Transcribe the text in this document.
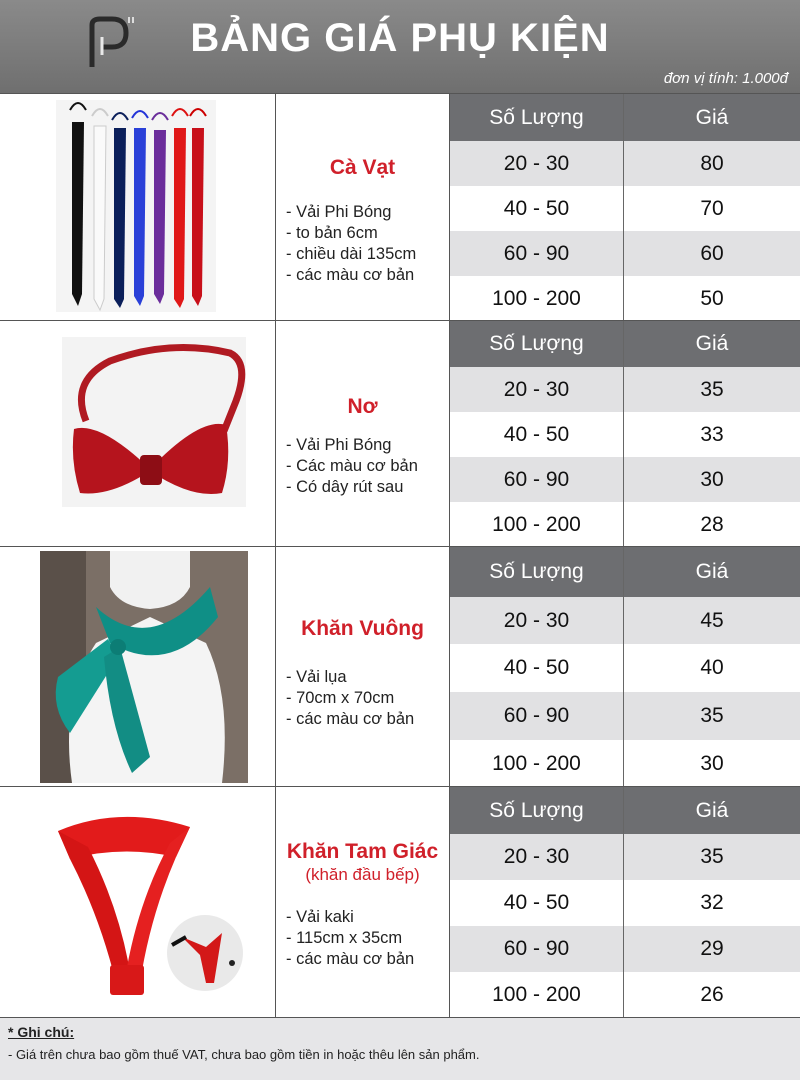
BẢNG GIÁ PHỤ KIỆN
đơn vị tính: 1.000đ
Cà Vạt
- Vải Phi Bóng
- to bản 6cm
- chiều dài 135cm
- các màu cơ bản
Số Lượng	Giá
20 - 30	80
40 - 50	70
60 - 90	60
100 - 200	50
Nơ
- Vải Phi Bóng
- Các màu cơ bản
- Có dây rút sau
Số Lượng	Giá
20 - 30	35
40 - 50	33
60 - 90	30
100 - 200	28
Khăn Vuông
- Vải lụa
- 70cm x 70cm
- các màu cơ bản
Số Lượng	Giá
20 - 30	45
40 - 50	40
60 - 90	35
100 - 200	30
Khăn Tam Giác
(khăn đầu bếp)
- Vải kaki
- 115cm x 35cm
- các màu cơ bản
Số Lượng	Giá
20 - 30	35
40 - 50	32
60 - 90	29
100 - 200	26
* Ghi chú:
- Giá trên chưa bao gồm thuế VAT, chưa bao gồm tiền in hoặc thêu lên sản phẩm.
